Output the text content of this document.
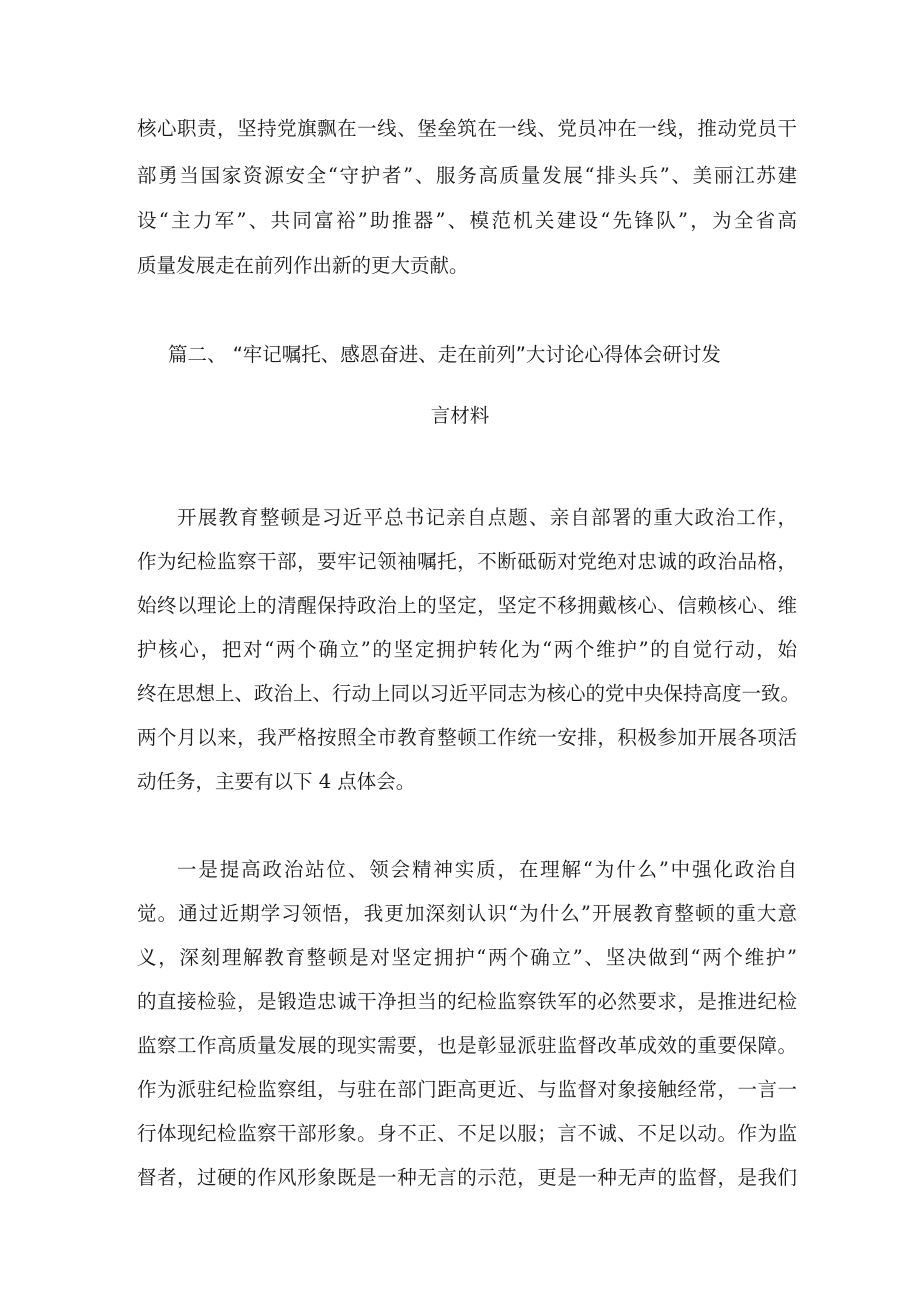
核心职责，坚持党旗飘在一线、堡垒筑在一线、党员冲在一线，推动党员干
部勇当国家资源安全“守护者”、服务高质量发展“排头兵”、美丽江苏建
设“主力军”、共同富裕”助推器”、模范机关建设“先锋队”，为全省高
质量发展走在前列作出新的更大贡献。
篇二、 “牢记嘱托、感恩奋进、走在前列”大讨论心得体会研讨发
言材料
开展教育整顿是习近平总书记亲自点题、亲自部署的重大政治工作，
作为纪检监察干部，要牢记领袖嘱托，不断砥砺对党绝对忠诚的政治品格，
始终以理论上的清醒保持政治上的坚定，坚定不移拥戴核心、信赖核心、维
护核心，把对“两个确立”的坚定拥护转化为“两个维护”的自觉行动，始
终在思想上、政治上、行动上同以习近平同志为核心的党中央保持高度一致。
两个月以来，我严格按照全市教育整顿工作统一安排，积极参加开展各项活
动任务，主要有以下 4 点体会。
一是提高政治站位、领会精神实质，在理解“为什么”中强化政治自
觉。通过近期学习领悟，我更加深刻认识“为什么”开展教育整顿的重大意
义，深刻理解教育整顿是对坚定拥护“两个确立”、坚决做到“两个维护”
的直接检验，是锻造忠诚干净担当的纪检监察铁军的必然要求，是推进纪检
监察工作高质量发展的现实需要，也是彰显派驻监督改革成效的重要保障。
作为派驻纪检监察组，与驻在部门距高更近、与监督对象接触经常，一言一
行体现纪检监察干部形象。身不正、不足以服；言不诚、不足以动。作为监
督者，过硬的作风形象既是一种无言的示范，更是一种无声的监督，是我们
